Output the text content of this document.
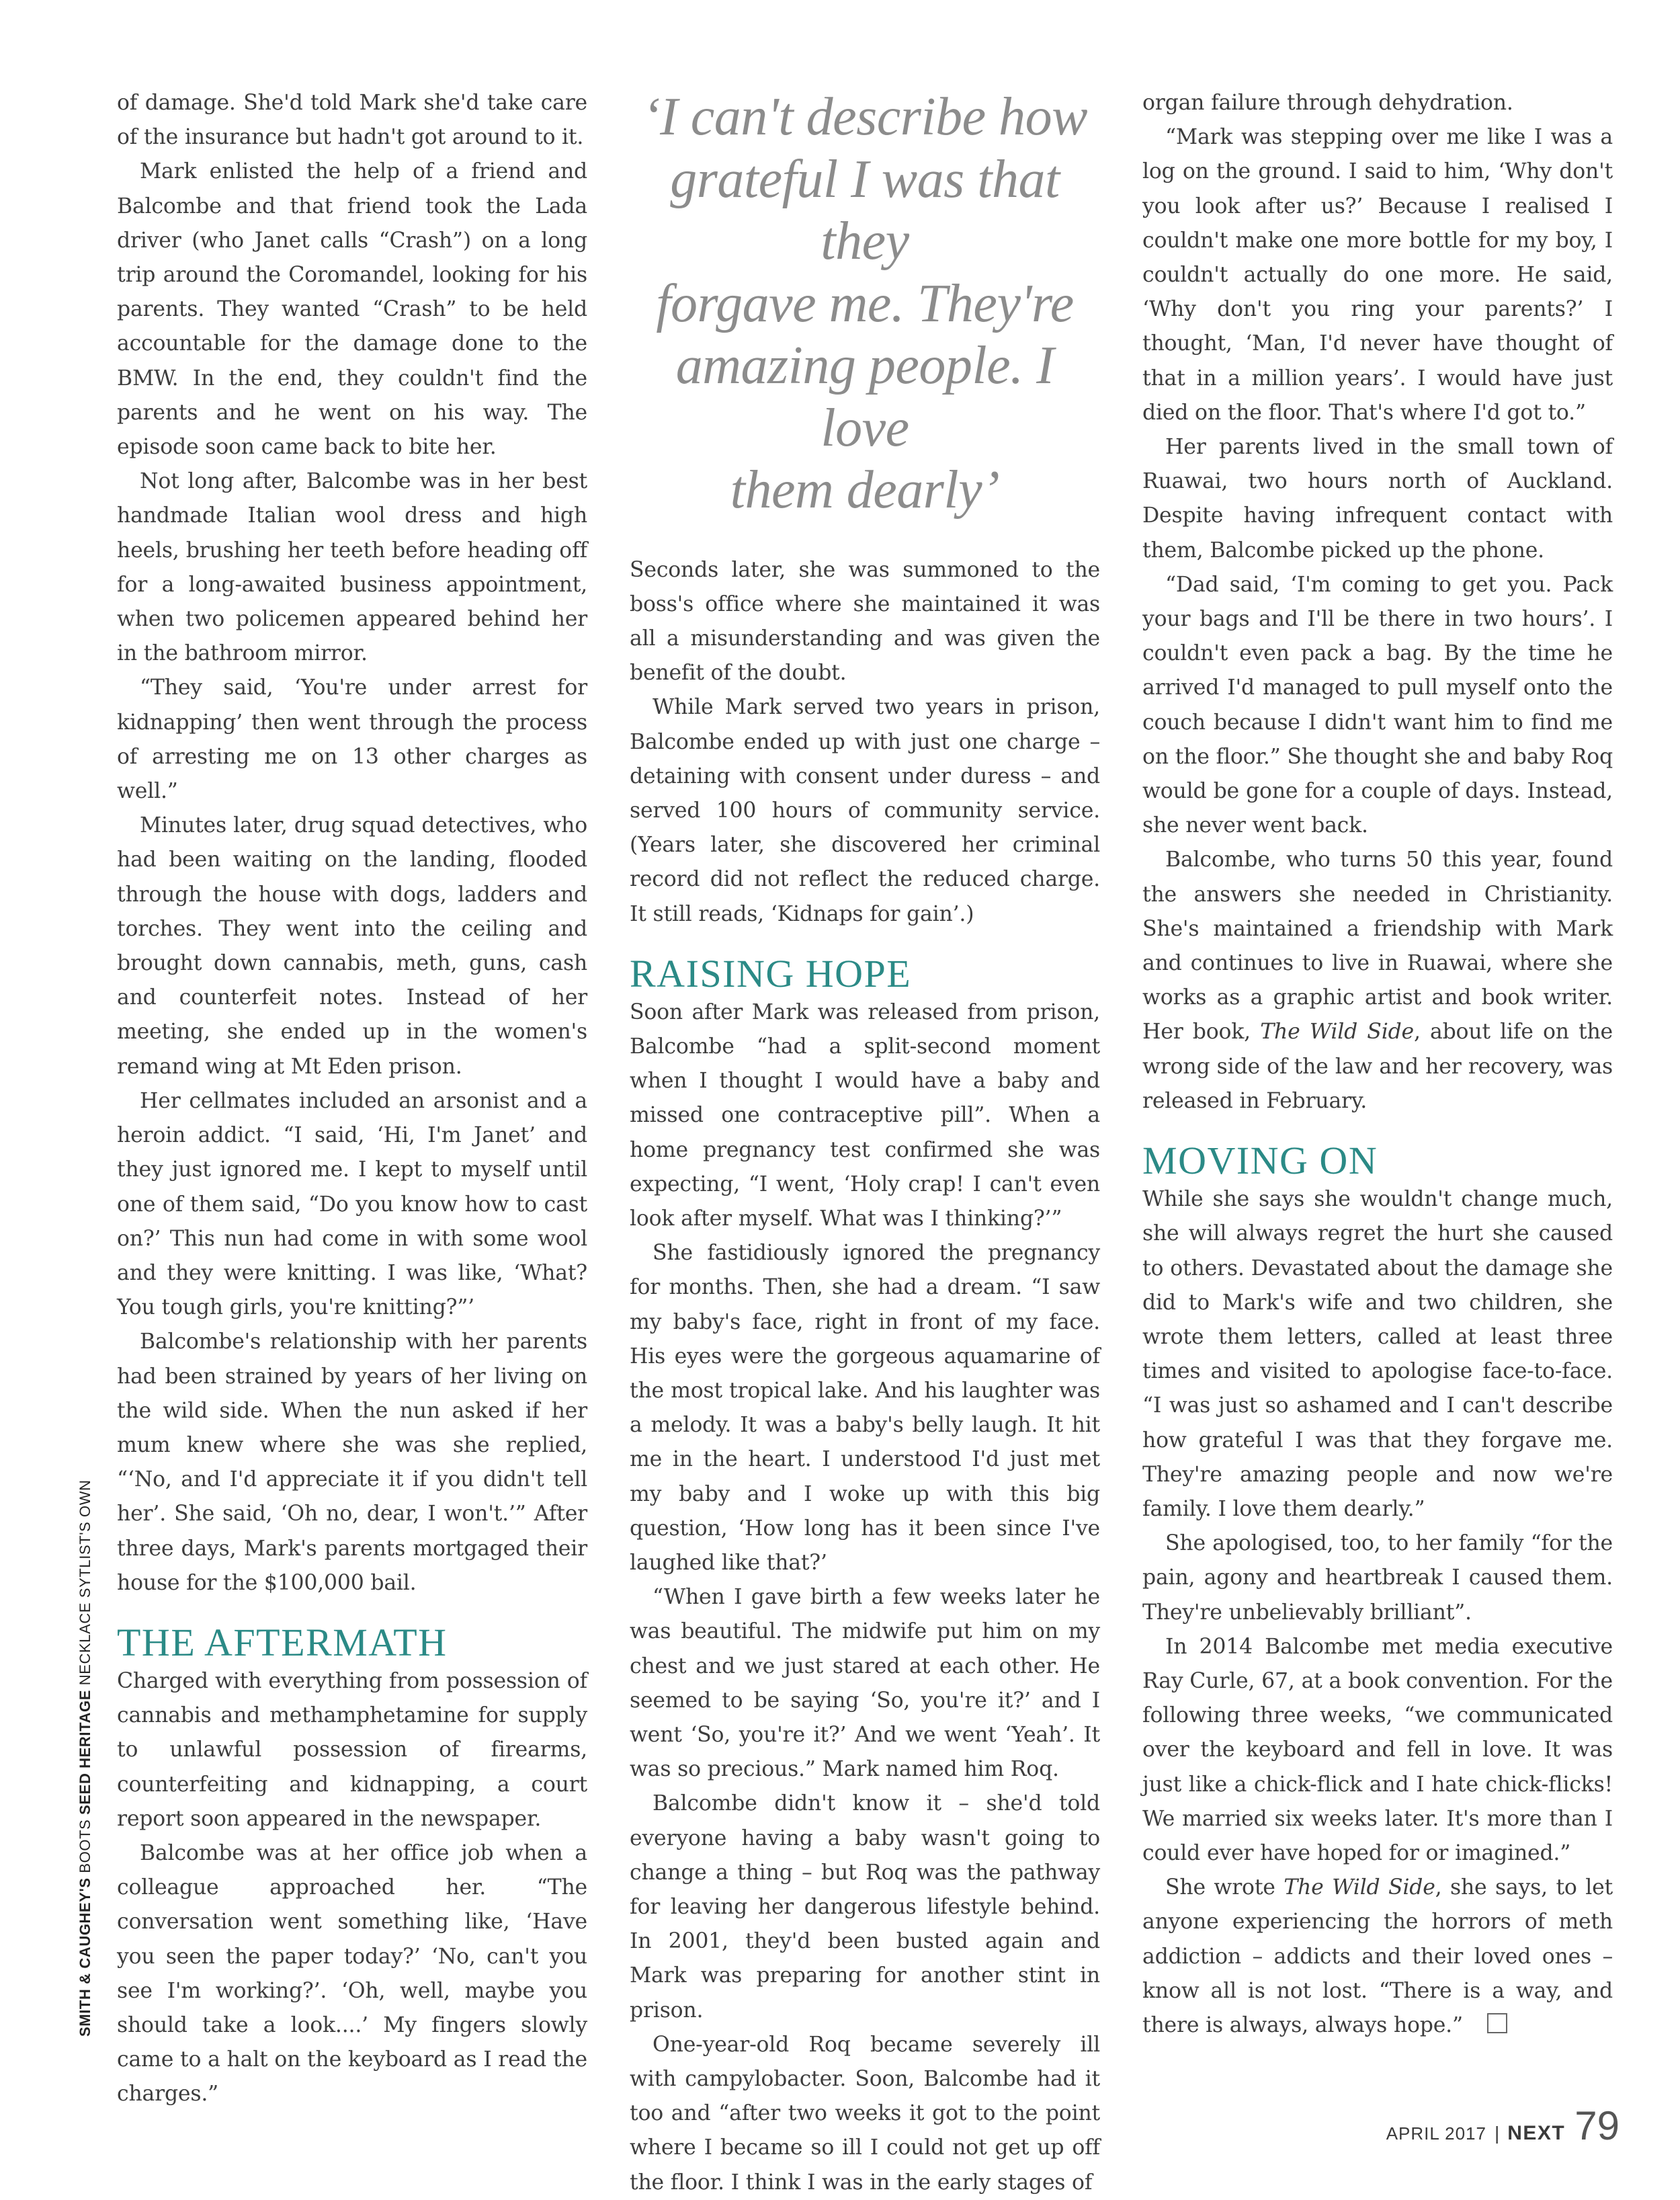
SMITH & CAUGHEY'S BOOTS SEED HERITAGE NECKLACE SYTLIST'S OWN

of damage. She'd told Mark she'd take care of the insurance but hadn't got around to it.

Mark enlisted the help of a friend and Balcombe and that friend took the Lada driver (who Janet calls “Crash”) on a long trip around the Coromandel, looking for his parents. They wanted “Crash” to be held accountable for the damage done to the BMW. In the end, they couldn't find the parents and he went on his way. The episode soon came back to bite her.

Not long after, Balcombe was in her best handmade Italian wool dress and high heels, brushing her teeth before heading off for a long-awaited business appointment, when two policemen appeared behind her in the bathroom mirror.

“They said, ‘You're under arrest for kidnapping’ then went through the process of arresting me on 13 other charges as well.”

Minutes later, drug squad detectives, who had been waiting on the landing, flooded through the house with dogs, ladders and torches. They went into the ceiling and brought down cannabis, meth, guns, cash and counterfeit notes. Instead of her meeting, she ended up in the women's remand wing at Mt Eden prison.

Her cellmates included an arsonist and a heroin addict. “I said, ‘Hi, I'm Janet’ and they just ignored me. I kept to myself until one of them said, “Do you know how to cast on?’ This nun had come in with some wool and they were knitting. I was like, ‘What? You tough girls, you're knitting?”’

Balcombe's relationship with her parents had been strained by years of her living on the wild side. When the nun asked if her mum knew where she was she replied, “‘No, and I'd appreciate it if you didn't tell her’. She said, ‘Oh no, dear, I won't.’” After three days, Mark's parents mortgaged their house for the $100,000 bail.

THE AFTERMATH

Charged with everything from possession of cannabis and methamphetamine for supply to unlawful possession of firearms, counterfeiting and kidnapping, a court report soon appeared in the newspaper.

Balcombe was at her office job when a colleague approached her. “The conversation went something like, ‘Have you seen the paper today?’ ‘No, can't you see I'm working?’. ‘Oh, well, maybe you should take a look....’ My fingers slowly came to a halt on the keyboard as I read the charges.”

‘I can't describe how
grateful I was that they
forgave me. They're
amazing people. I love
them dearly’

Seconds later, she was summoned to the boss's office where she maintained it was all a misunderstanding and was given the benefit of the doubt.

While Mark served two years in prison, Balcombe ended up with just one charge – detaining with consent under duress – and served 100 hours of community service. (Years later, she discovered her criminal record did not reflect the reduced charge. It still reads, ‘Kidnaps for gain’.)

RAISING HOPE

Soon after Mark was released from prison, Balcombe “had a split-second moment when I thought I would have a baby and missed one contraceptive pill”. When a home pregnancy test confirmed she was expecting, “I went, ‘Holy crap! I can't even look after myself. What was I thinking?’”

She fastidiously ignored the pregnancy for months. Then, she had a dream. “I saw my baby's face, right in front of my face. His eyes were the gorgeous aquamarine of the most tropical lake. And his laughter was a melody. It was a baby's belly laugh. It hit me in the heart. I understood I'd just met my baby and I woke up with this big question, ‘How long has it been since I've laughed like that?’

“When I gave birth a few weeks later he was beautiful. The midwife put him on my chest and we just stared at each other. He seemed to be saying ‘So, you're it?’ and I went ‘So, you're it?’ And we went ‘Yeah’. It was so precious.” Mark named him Roq.

Balcombe didn't know it – she'd told everyone having a baby wasn't going to change a thing – but Roq was the pathway for leaving her dangerous lifestyle behind. In 2001, they'd been busted again and Mark was preparing for another stint in prison.

One-year-old Roq became severely ill with campylobacter. Soon, Balcombe had it too and “after two weeks it got to the point where I became so ill I could not get up off the floor. I think I was in the early stages of

organ failure through dehydration.

“Mark was stepping over me like I was a log on the ground. I said to him, ‘Why don't you look after us?’ Because I realised I couldn't make one more bottle for my boy, I couldn't actually do one more. He said, ‘Why don't you ring your parents?’ I thought, ‘Man, I'd never have thought of that in a million years’. I would have just died on the floor. That's where I'd got to.”

Her parents lived in the small town of Ruawai, two hours north of Auckland. Despite having infrequent contact with them, Balcombe picked up the phone.

“Dad said, ‘I'm coming to get you. Pack your bags and I'll be there in two hours’. I couldn't even pack a bag. By the time he arrived I'd managed to pull myself onto the couch because I didn't want him to find me on the floor.” She thought she and baby Roq would be gone for a couple of days. Instead, she never went back.

Balcombe, who turns 50 this year, found the answers she needed in Christianity. She's maintained a friendship with Mark and continues to live in Ruawai, where she works as a graphic artist and book writer. Her book, The Wild Side, about life on the wrong side of the law and her recovery, was released in February.

MOVING ON

While she says she wouldn't change much, she will always regret the hurt she caused to others. Devastated about the damage she did to Mark's wife and two children, she wrote them letters, called at least three times and visited to apologise face-to-face. “I was just so ashamed and I can't describe how grateful I was that they forgave me. They're amazing people and now we're family. I love them dearly.”

She apologised, too, to her family “for the pain, agony and heartbreak I caused them. They're unbelievably brilliant”.

In 2014 Balcombe met media executive Ray Curle, 67, at a book convention. For the following three weeks, “we communicated over the keyboard and fell in love. It was just like a chick-flick and I hate chick-flicks! We married six weeks later. It's more than I could ever have hoped for or imagined.”

She wrote The Wild Side, she says, to let anyone experiencing the horrors of meth addiction – addicts and their loved ones – know all is not lost. “There is a way, and there is always, always hope.”

APRIL 2017 | NEXT 79
